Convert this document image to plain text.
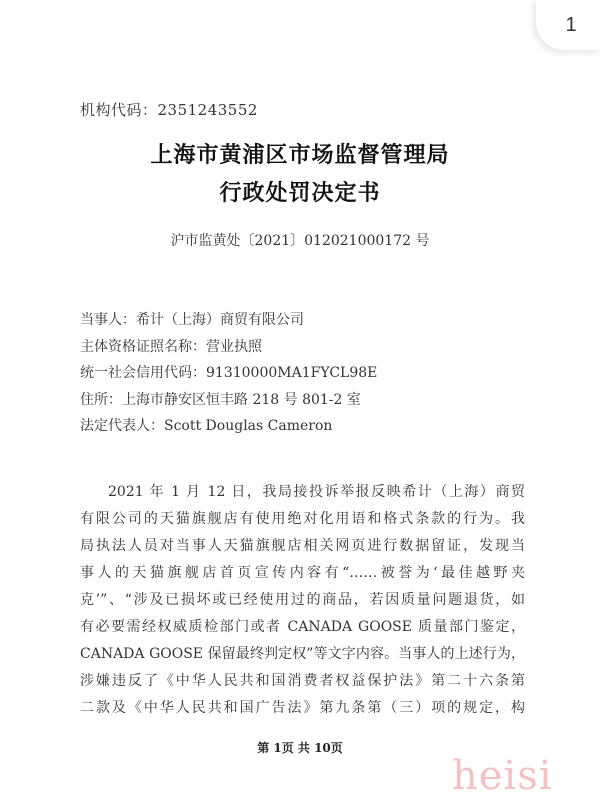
1
机构代码：2351243552
上海市黄浦区市场监督管理局
行政处罚决定书
沪市监黄处〔2021〕012021000172 号
当事人：希计（上海）商贸有限公司
主体资格证照名称：营业执照
统一社会信用代码：91310000MA1FYCL98E
住所：上海市静安区恒丰路 218 号 801-2 室
法定代表人：Scott Douglas Cameron
2021 年 1 月 12 日，我局接投诉举报反映希计（上海）商贸
有限公司的天猫旗舰店有使用绝对化用语和格式条款的行为。我
局执法人员对当事人天猫旗舰店相关网页进行数据留证，发现当
事人的天猫旗舰店首页宣传内容有“……被誉为‘最佳越野夹
克’”、“涉及已损坏或已经使用过的商品，若因质量问题退货，如
有必要需经权威质检部门或者 CANADA GOOSE 质量部门鉴定，
CANADA GOOSE 保留最终判定权”等文字内容。当事人的上述行为，
涉嫌违反了《中华人民共和国消费者权益保护法》第二十六条第
二款及《中华人民共和国广告法》第九条第（三）项的规定，构
第 1页 共 10页
heisi
